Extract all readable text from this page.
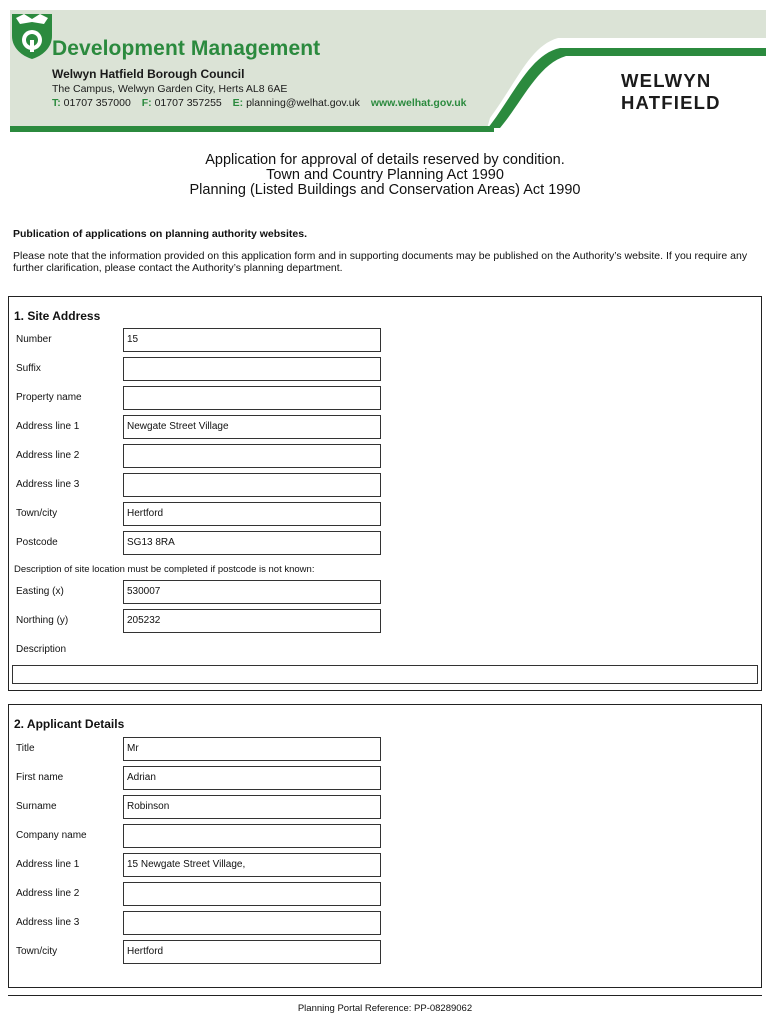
Development Management
Welwyn Hatfield Borough Council
The Campus, Welwyn Garden City, Herts AL8 6AE
T: 01707 357000 F: 01707 357255 E: planning@welhat.gov.uk www.welhat.gov.uk
WELWYN
HATFIELD
Application for approval of details reserved by condition.
Town and Country Planning Act 1990
Planning (Listed Buildings and Conservation Areas) Act 1990
Publication of applications on planning authority websites.
Please note that the information provided on this application form and in supporting documents may be published on the Authority’s website. If you require any further clarification, please contact the Authority’s planning department.
1. Site Address
Number	15
Suffix
Property name
Address line 1	Newgate Street Village
Address line 2
Address line 3
Town/city	Hertford
Postcode	SG13 8RA
Description of site location must be completed if postcode is not known:
Easting (x)	530007
Northing (y)	205232
Description
2. Applicant Details
Title	Mr
First name	Adrian
Surname	Robinson
Company name
Address line 1	15 Newgate Street Village,
Address line 2
Address line 3
Town/city	Hertford
Planning Portal Reference: PP-08289062
